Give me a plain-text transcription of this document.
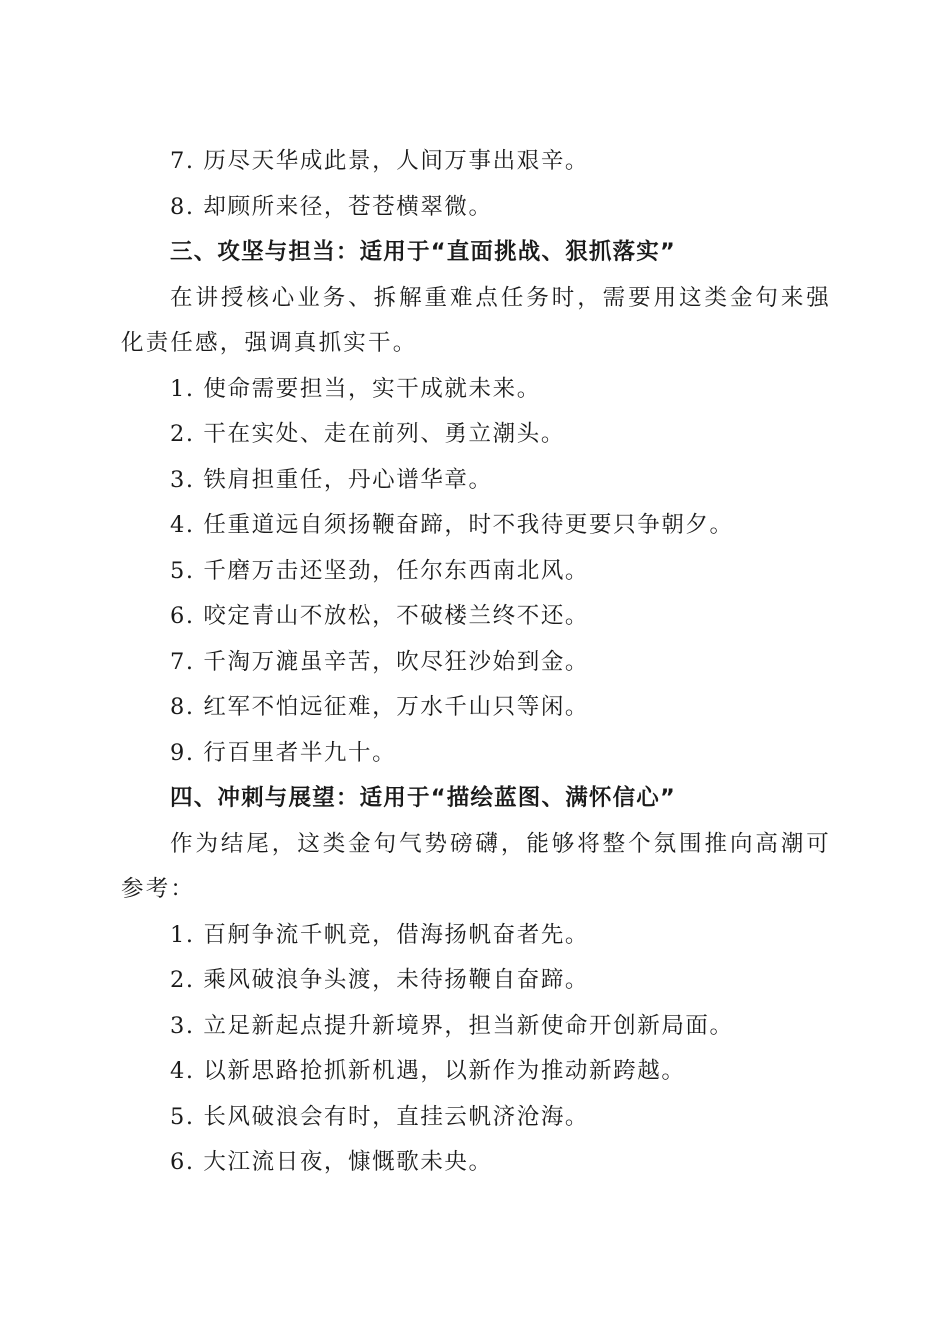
7. 历尽天华成此景，人间万事出艰辛。
8. 却顾所来径，苍苍横翠微。
三、攻坚与担当：适用于“直面挑战、狠抓落实”

在讲授核心业务、拆解重难点任务时，需要用这类金句来强化责任感，强调真抓实干。

1. 使命需要担当，实干成就未来。
2. 干在实处、走在前列、勇立潮头。
3. 铁肩担重任，丹心谱华章。
4. 任重道远自须扬鞭奋蹄，时不我待更要只争朝夕。
5. 千磨万击还坚劲，任尔东西南北风。
6. 咬定青山不放松，不破楼兰终不还。
7. 千淘万漉虽辛苦，吹尽狂沙始到金。
8. 红军不怕远征难，万水千山只等闲。
9. 行百里者半九十。
四、冲刺与展望：适用于“描绘蓝图、满怀信心”

作为结尾，这类金句气势磅礴，能够将整个氛围推向高潮可参考：

1. 百舸争流千帆竞，借海扬帆奋者先。
2. 乘风破浪争头渡，未待扬鞭自奋蹄。
3. 立足新起点提升新境界，担当新使命开创新局面。
4. 以新思路抢抓新机遇，以新作为推动新跨越。
5. 长风破浪会有时，直挂云帆济沧海。
6. 大江流日夜，慷慨歌未央。
